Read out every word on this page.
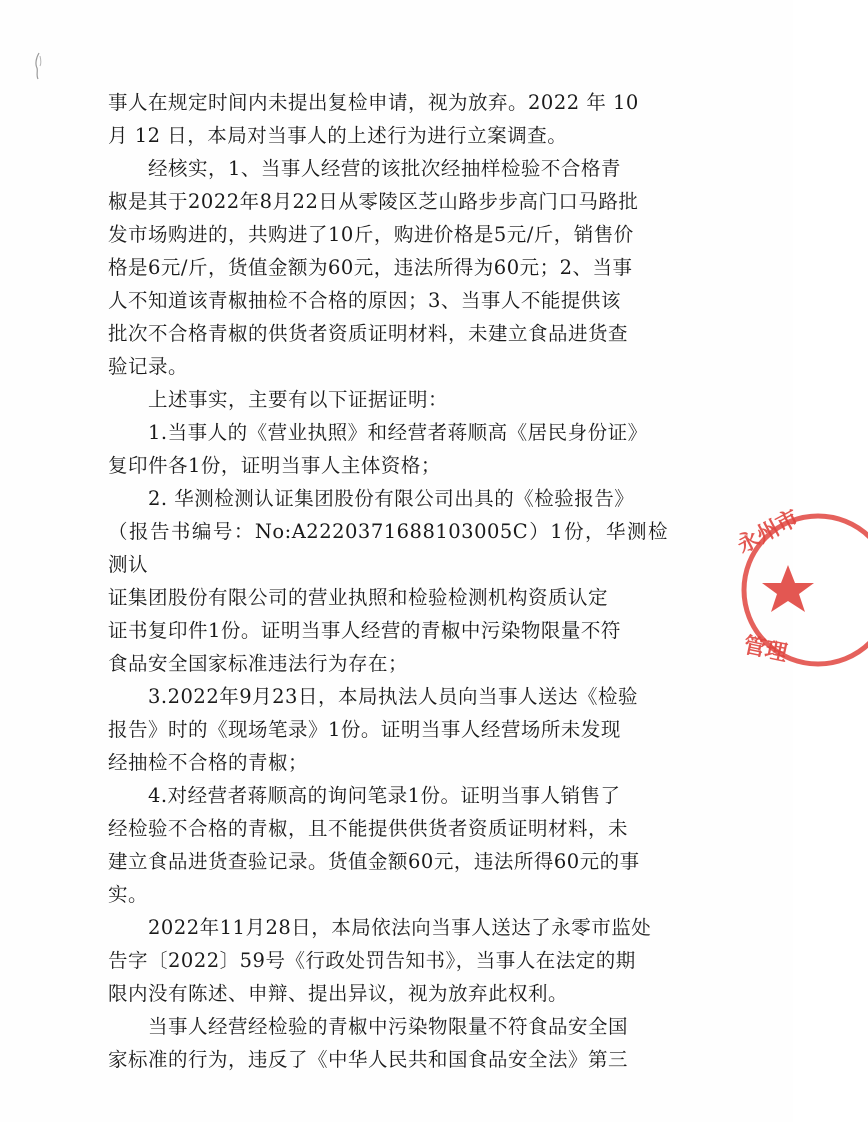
事人在规定时间内未提出复检申请，视为放弃。2022 年 10
月 12 日，本局对当事人的上述行为进行立案调查。

经核实，1、当事人经营的该批次经抽样检验不合格青
椒是其于2022年8月22日从零陵区芝山路步步高门口马路批
发市场购进的，共购进了10斤，购进价格是5元/斤，销售价
格是6元/斤，货值金额为60元，违法所得为60元；2、当事
人不知道该青椒抽检不合格的原因；3、当事人不能提供该
批次不合格青椒的供货者资质证明材料，未建立食品进货查
验记录。

上述事实，主要有以下证据证明：

1.当事人的《营业执照》和经营者蒋顺高《居民身份证》
复印件各1份，证明当事人主体资格；

2. 华测检测认证集团股份有限公司出具的《检验报告》
（报告书编号：No:A2220371688103005C）1份，华测检测认
证集团股份有限公司的营业执照和检验检测机构资质认定
证书复印件1份。证明当事人经营的青椒中污染物限量不符
食品安全国家标准违法行为存在；

3.2022年9月23日，本局执法人员向当事人送达《检验
报告》时的《现场笔录》1份。证明当事人经营场所未发现
经抽检不合格的青椒；

4.对经营者蒋顺高的询问笔录1份。证明当事人销售了
经检验不合格的青椒，且不能提供供货者资质证明材料，未
建立食品进货查验记录。货值金额60元，违法所得60元的事
实。

2022年11月28日，本局依法向当事人送达了永零市监处
告字〔2022〕59号《行政处罚告知书》，当事人在法定的期
限内没有陈述、申辩、提出异议，视为放弃此权利。

当事人经营经检验的青椒中污染物限量不符食品安全国
家标准的行为，违反了《中华人民共和国食品安全法》第三

永州市
管理
